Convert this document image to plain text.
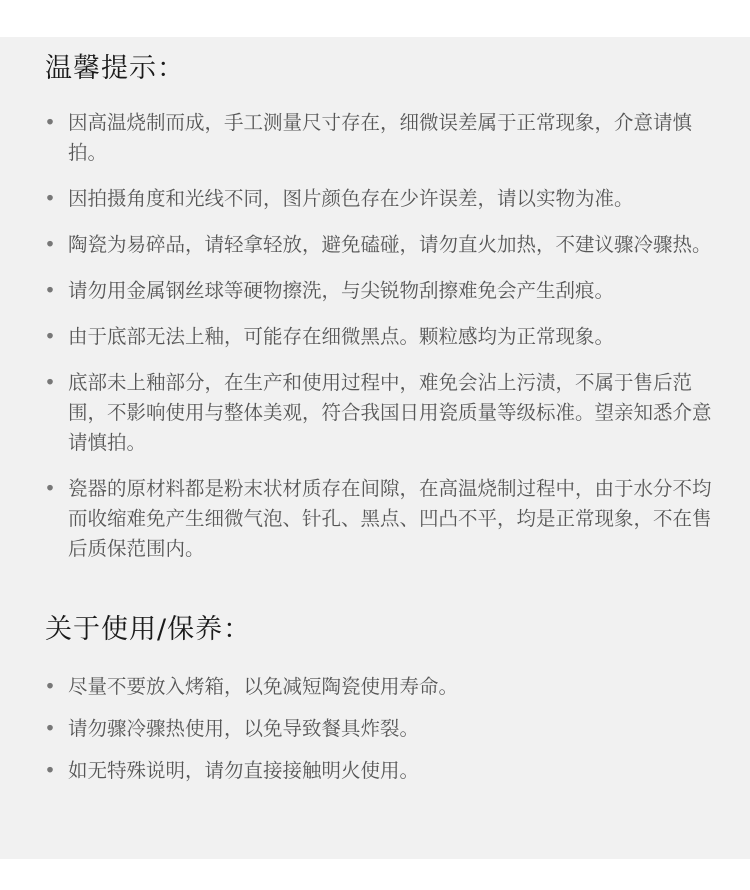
温馨提示：
• 因高温烧制而成，手工测量尺寸存在，细微误差属于正常现象，介意请慎拍。
• 因拍摄角度和光线不同，图片颜色存在少许误差，请以实物为准。
• 陶瓷为易碎品，请轻拿轻放，避免磕碰，请勿直火加热，不建议骤冷骤热。
• 请勿用金属钢丝球等硬物擦洗，与尖锐物刮擦难免会产生刮痕。
• 由于底部无法上釉，可能存在细微黑点。颗粒感均为正常现象。
• 底部未上釉部分，在生产和使用过程中，难免会沾上污渍，不属于售后范围，不影响使用与整体美观，符合我国日用瓷质量等级标准。望亲知悉介意请慎拍。
• 瓷器的原材料都是粉末状材质存在间隙，在高温烧制过程中，由于水分不均而收缩难免产生细微气泡、针孔、黑点、凹凸不平，均是正常现象，不在售后质保范围内。
关于使用/保养：
• 尽量不要放入烤箱，以免减短陶瓷使用寿命。
• 请勿骤冷骤热使用，以免导致餐具炸裂。
• 如无特殊说明，请勿直接接触明火使用。
